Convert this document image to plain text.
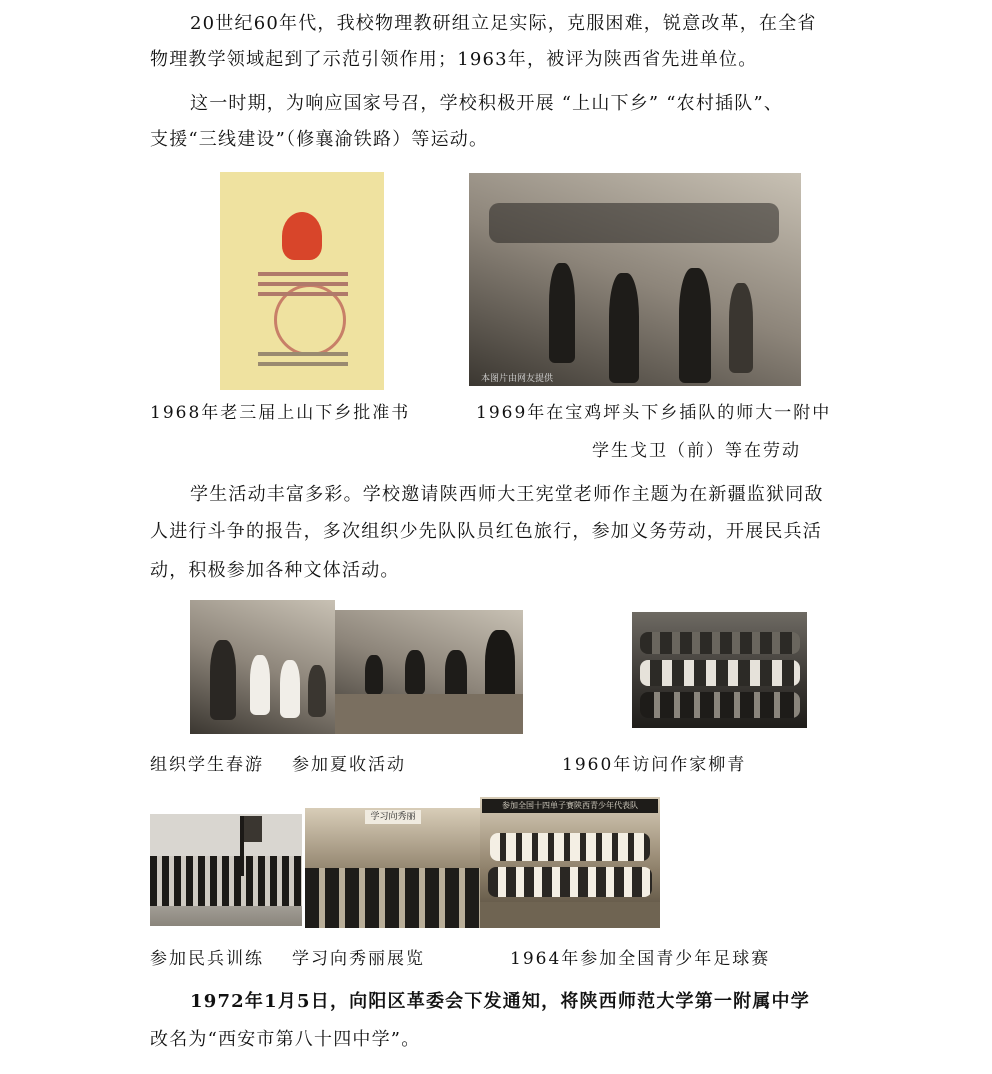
20世纪60年代，我校物理教研组立足实际，克服困难，锐意改革，在全省
物理教学领域起到了示范引领作用；1963年，被评为陕西省先进单位。
这一时期，为响应国家号召，学校积极开展 “上山下乡” “农村插队”、
支援“三线建设”（修襄渝铁路）等运动。
本图片由网友提供
1968年老三届上山下乡批准书	1969年在宝鸡坪头下乡插队的师大一附中
学生戈卫（前）等在劳动
学生活动丰富多彩。学校邀请陕西师大王宪堂老师作主题为在新疆监狱同敌
人进行斗争的报告，多次组织少先队队员红色旅行，参加义务劳动，开展民兵活
动，积极参加各种文体活动。
组织学生春游 参加夏收活动	1960年访问作家柳青
学习向秀丽
参加全国十四单子赛陕西青少年代表队
参加民兵训练 学习向秀丽展览	1964年参加全国青少年足球赛
1972年1月5日，向阳区革委会下发通知，将陕西师范大学第一附属中学
改名为“西安市第八十四中学”。
